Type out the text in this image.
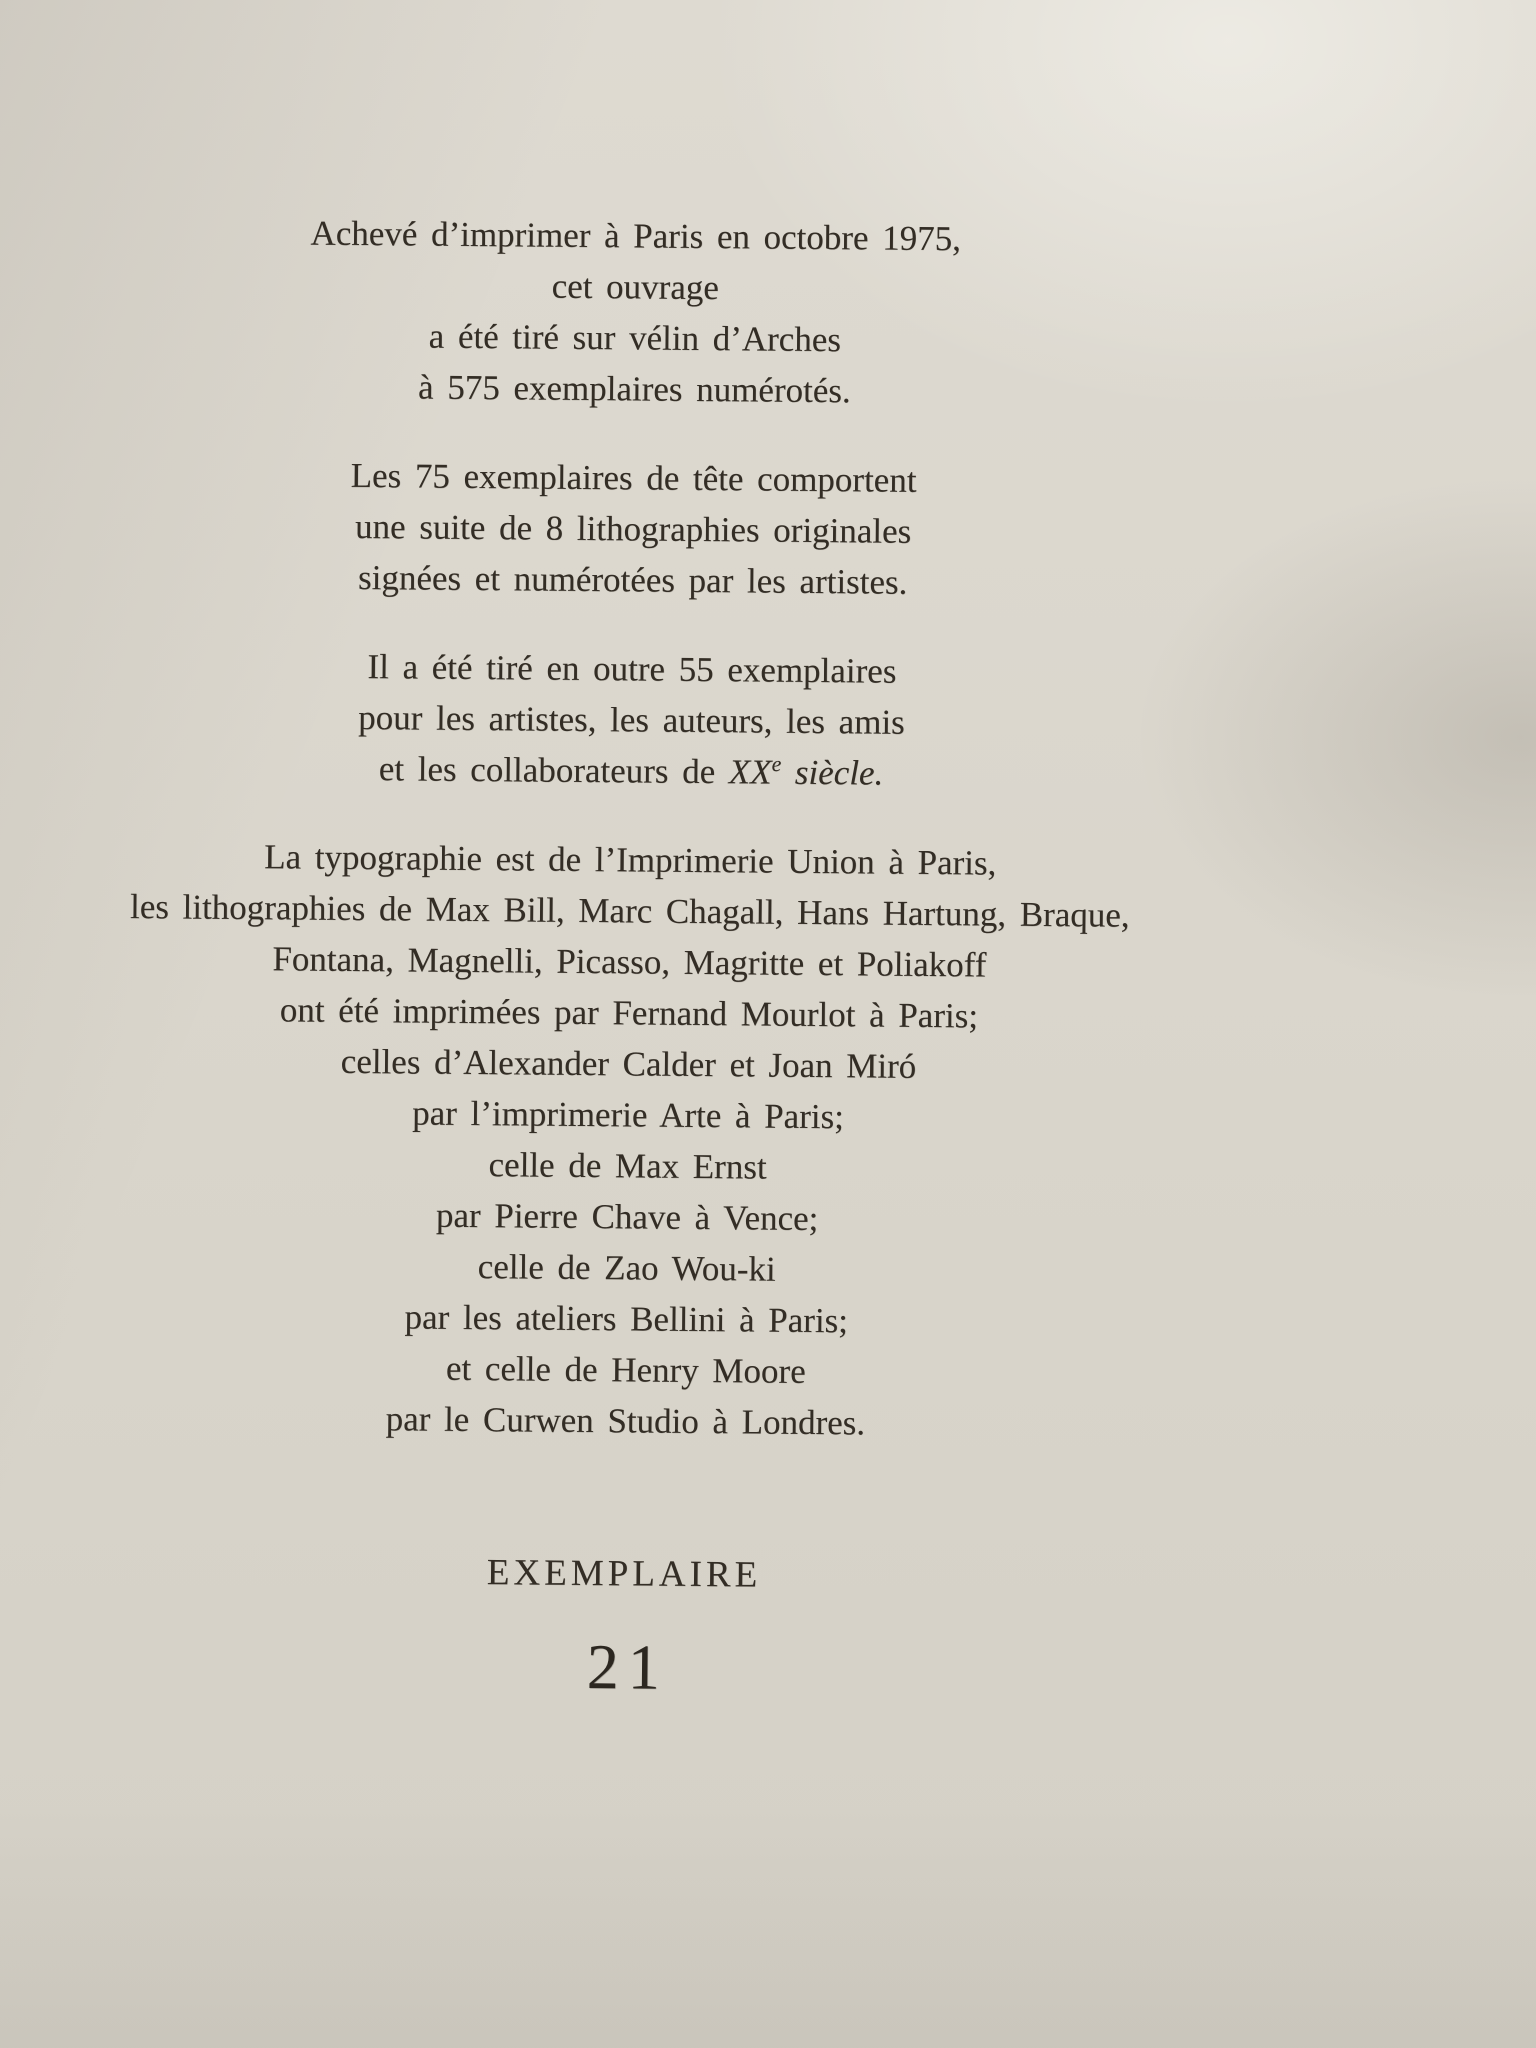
Achevé d’imprimer à Paris en octobre 1975,
cet ouvrage
a été tiré sur vélin d’Arches
à 575 exemplaires numérotés.
Les 75 exemplaires de tête comportent
une suite de 8 lithographies originales
signées et numérotées par les artistes.
Il a été tiré en outre 55 exemplaires
pour les artistes, les auteurs, les amis
et les collaborateurs de XXe siècle.
La typographie est de l’Imprimerie Union à Paris,
les lithographies de Max Bill, Marc Chagall, Hans Hartung, Braque,
Fontana, Magnelli, Picasso, Magritte et Poliakoff
ont été imprimées par Fernand Mourlot à Paris;
celles d’Alexander Calder et Joan Miró
par l’imprimerie Arte à Paris;
celle de Max Ernst
par Pierre Chave à Vence;
celle de Zao Wou-ki
par les ateliers Bellini à Paris;
et celle de Henry Moore
par le Curwen Studio à Londres.
EXEMPLAIRE
21
